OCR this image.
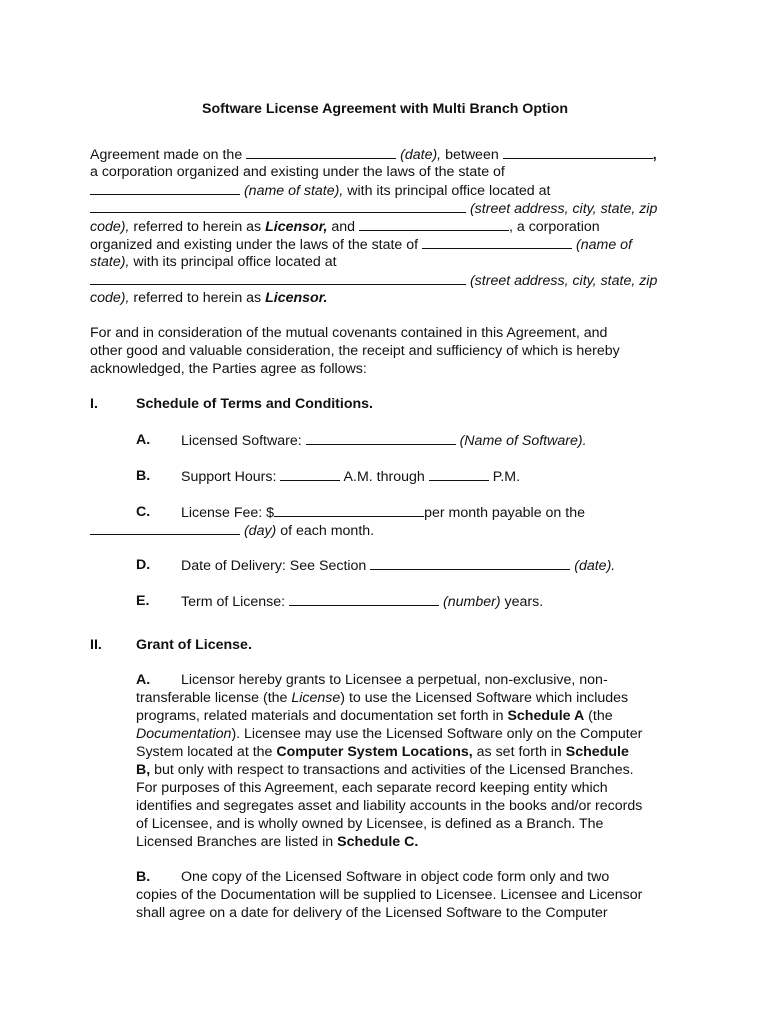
Software License Agreement with Multi Branch Option
Agreement made on the	(date), between	,
a corporation organized and existing under the laws of the state of
(name of state), with its principal office located at
(street address, city, state, zip
code), referred to herein as Licensor, and	, a corporation
organized and existing under the laws of the state of	(name of
state), with its principal office located at
(street address, city, state, zip
code), referred to herein as Licensor.
For and in consideration of the mutual covenants contained in this Agreement, and
other good and valuable consideration, the receipt and sufficiency of which is hereby
acknowledged, the Parties agree as follows:
I.	Schedule of Terms and Conditions.
A. Licensed Software:	(Name of Software).
B. Support Hours:	A.M. through	P.M.
C. License Fee: $	per month payable on the
(day) of each month.
D. Date of Delivery: See Section	(date).
E. Term of License:	(number) years.
II. Grant of License.
A. Licensor hereby grants to Licensee a perpetual, non-exclusive, non-
transferable license (the License) to use the Licensed Software which includes
programs, related materials and documentation set forth in Schedule A (the
Documentation). Licensee may use the Licensed Software only on the Computer
System located at the Computer System Locations, as set forth in Schedule
B, but only with respect to transactions and activities of the Licensed Branches.
For purposes of this Agreement, each separate record keeping entity which
identifies and segregates asset and liability accounts in the books and/or records
of Licensee, and is wholly owned by Licensee, is defined as a Branch. The
Licensed Branches are listed in Schedule C.
B. One copy of the Licensed Software in object code form only and two
copies of the Documentation will be supplied to Licensee. Licensee and Licensor
shall agree on a date for delivery of the Licensed Software to the Computer
